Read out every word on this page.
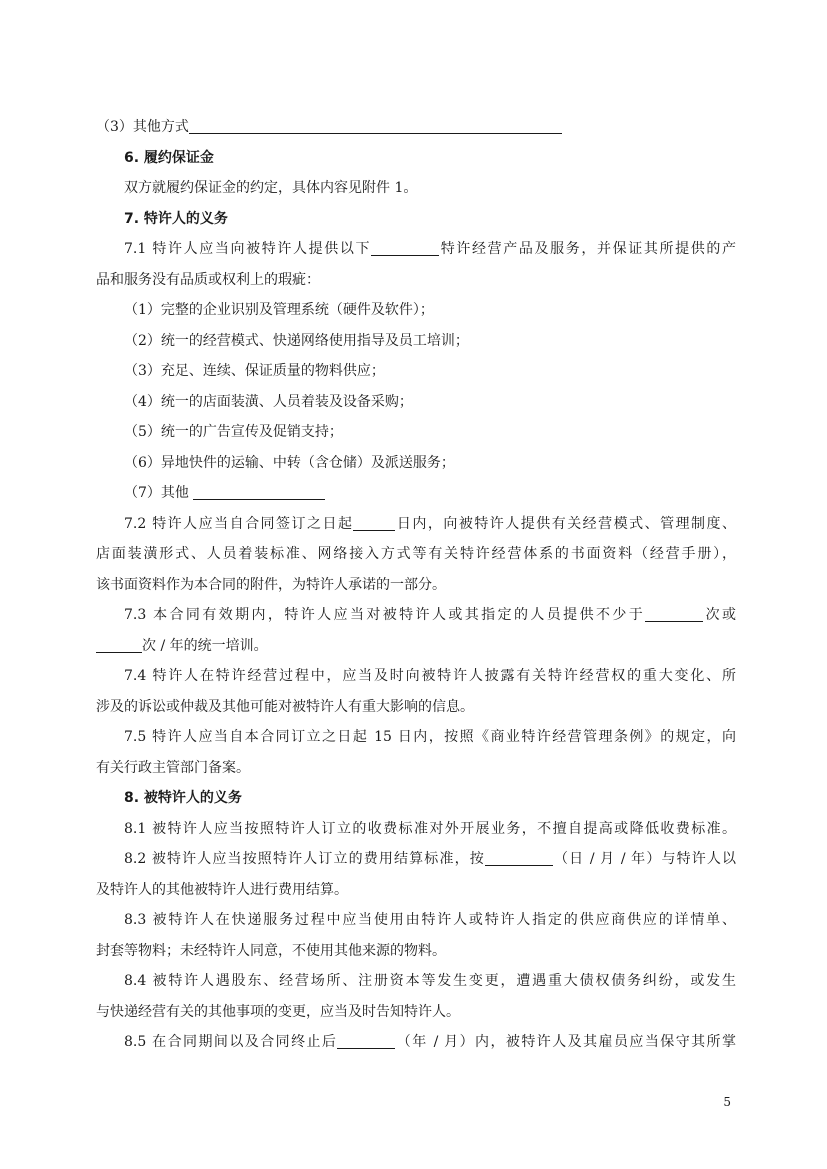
（3）其他方式
6. 履约保证金
双方就履约保证金的约定，具体内容见附件 1。
7. 特许人的义务
7.1 特许人应当向被特许人提供以下	特许经营产品及服务，并保证其所提供的产
品和服务没有品质或权利上的瑕疵：
（1）完整的企业识别及管理系统（硬件及软件）；
（2）统一的经营模式、快递网络使用指导及员工培训；
（3）充足、连续、保证质量的物料供应；
（4）统一的店面装潢、人员着装及设备采购；
（5）统一的广告宣传及促销支持；
（6）异地快件的运输、中转（含仓储）及派送服务；
（7）其他
7.2 特许人应当自合同签订之日起	日内，向被特许人提供有关经营模式、管理制度、
店面装潢形式、人员着装标准、网络接入方式等有关特许经营体系的书面资料（经营手册），
该书面资料作为本合同的附件，为特许人承诺的一部分。
7.3 本合同有效期内，特许人应当对被特许人或其指定的人员提供不少于	次或
次 / 年的统一培训。
7.4 特许人在特许经营过程中，应当及时向被特许人披露有关特许经营权的重大变化、所
涉及的诉讼或仲裁及其他可能对被特许人有重大影响的信息。
7.5 特许人应当自本合同订立之日起 15 日内，按照《商业特许经营管理条例》的规定，向
有关行政主管部门备案。
8. 被特许人的义务
8.1 被特许人应当按照特许人订立的收费标准对外开展业务，不擅自提高或降低收费标准。
8.2 被特许人应当按照特许人订立的费用结算标准，按	（日 / 月 / 年）与特许人以
及特许人的其他被特许人进行费用结算。
8.3 被特许人在快递服务过程中应当使用由特许人或特许人指定的供应商供应的详情单、
封套等物料；未经特许人同意，不使用其他来源的物料。
8.4 被特许人遇股东、经营场所、注册资本等发生变更，遭遇重大债权债务纠纷，或发生
与快递经营有关的其他事项的变更，应当及时告知特许人。
8.5 在合同期间以及合同终止后	（年 / 月）内，被特许人及其雇员应当保守其所掌
5
